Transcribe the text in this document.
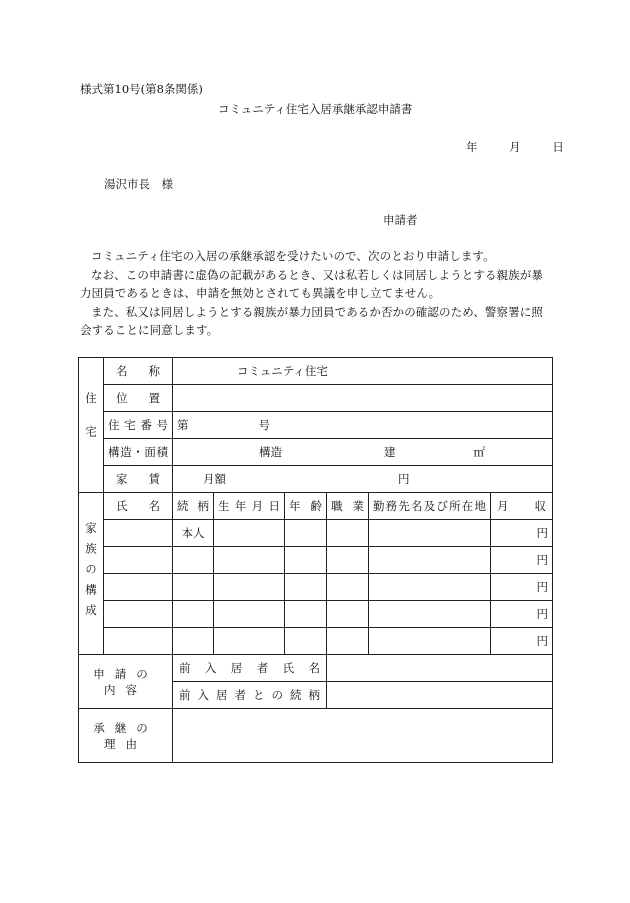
様式第10号(第8条関係)
コミュニティ住宅入居承継承認申請書
年	月	日
湯沢市長　様
申請者

コミュニティ住宅の入居の承継承認を受けたいので、次のとおり申請します。

なお、この申請書に虚偽の記載があるとき、又は私若しくは同居しようとする親族が暴力団員であるときは、申請を無効とされても異議を申し立てません。

また、私又は同居しようとする親族が暴力団員であるか否かの確認のため、警察署に照会することに同意します。

住宅	名称	コミュニティ住宅					

	位置						

	住宅番号	第 号					

	構造・面積	構造 建 ㎡					

	家賃	月額 円					

家族の構成	氏名	続柄	生年月日	年齢	職業	勤務先名及び所在地	月収

		本人					円
							円
							円
							円
							円
申請の内容		前入居者氏名					

		前入居者との続柄					

承継の理由							
